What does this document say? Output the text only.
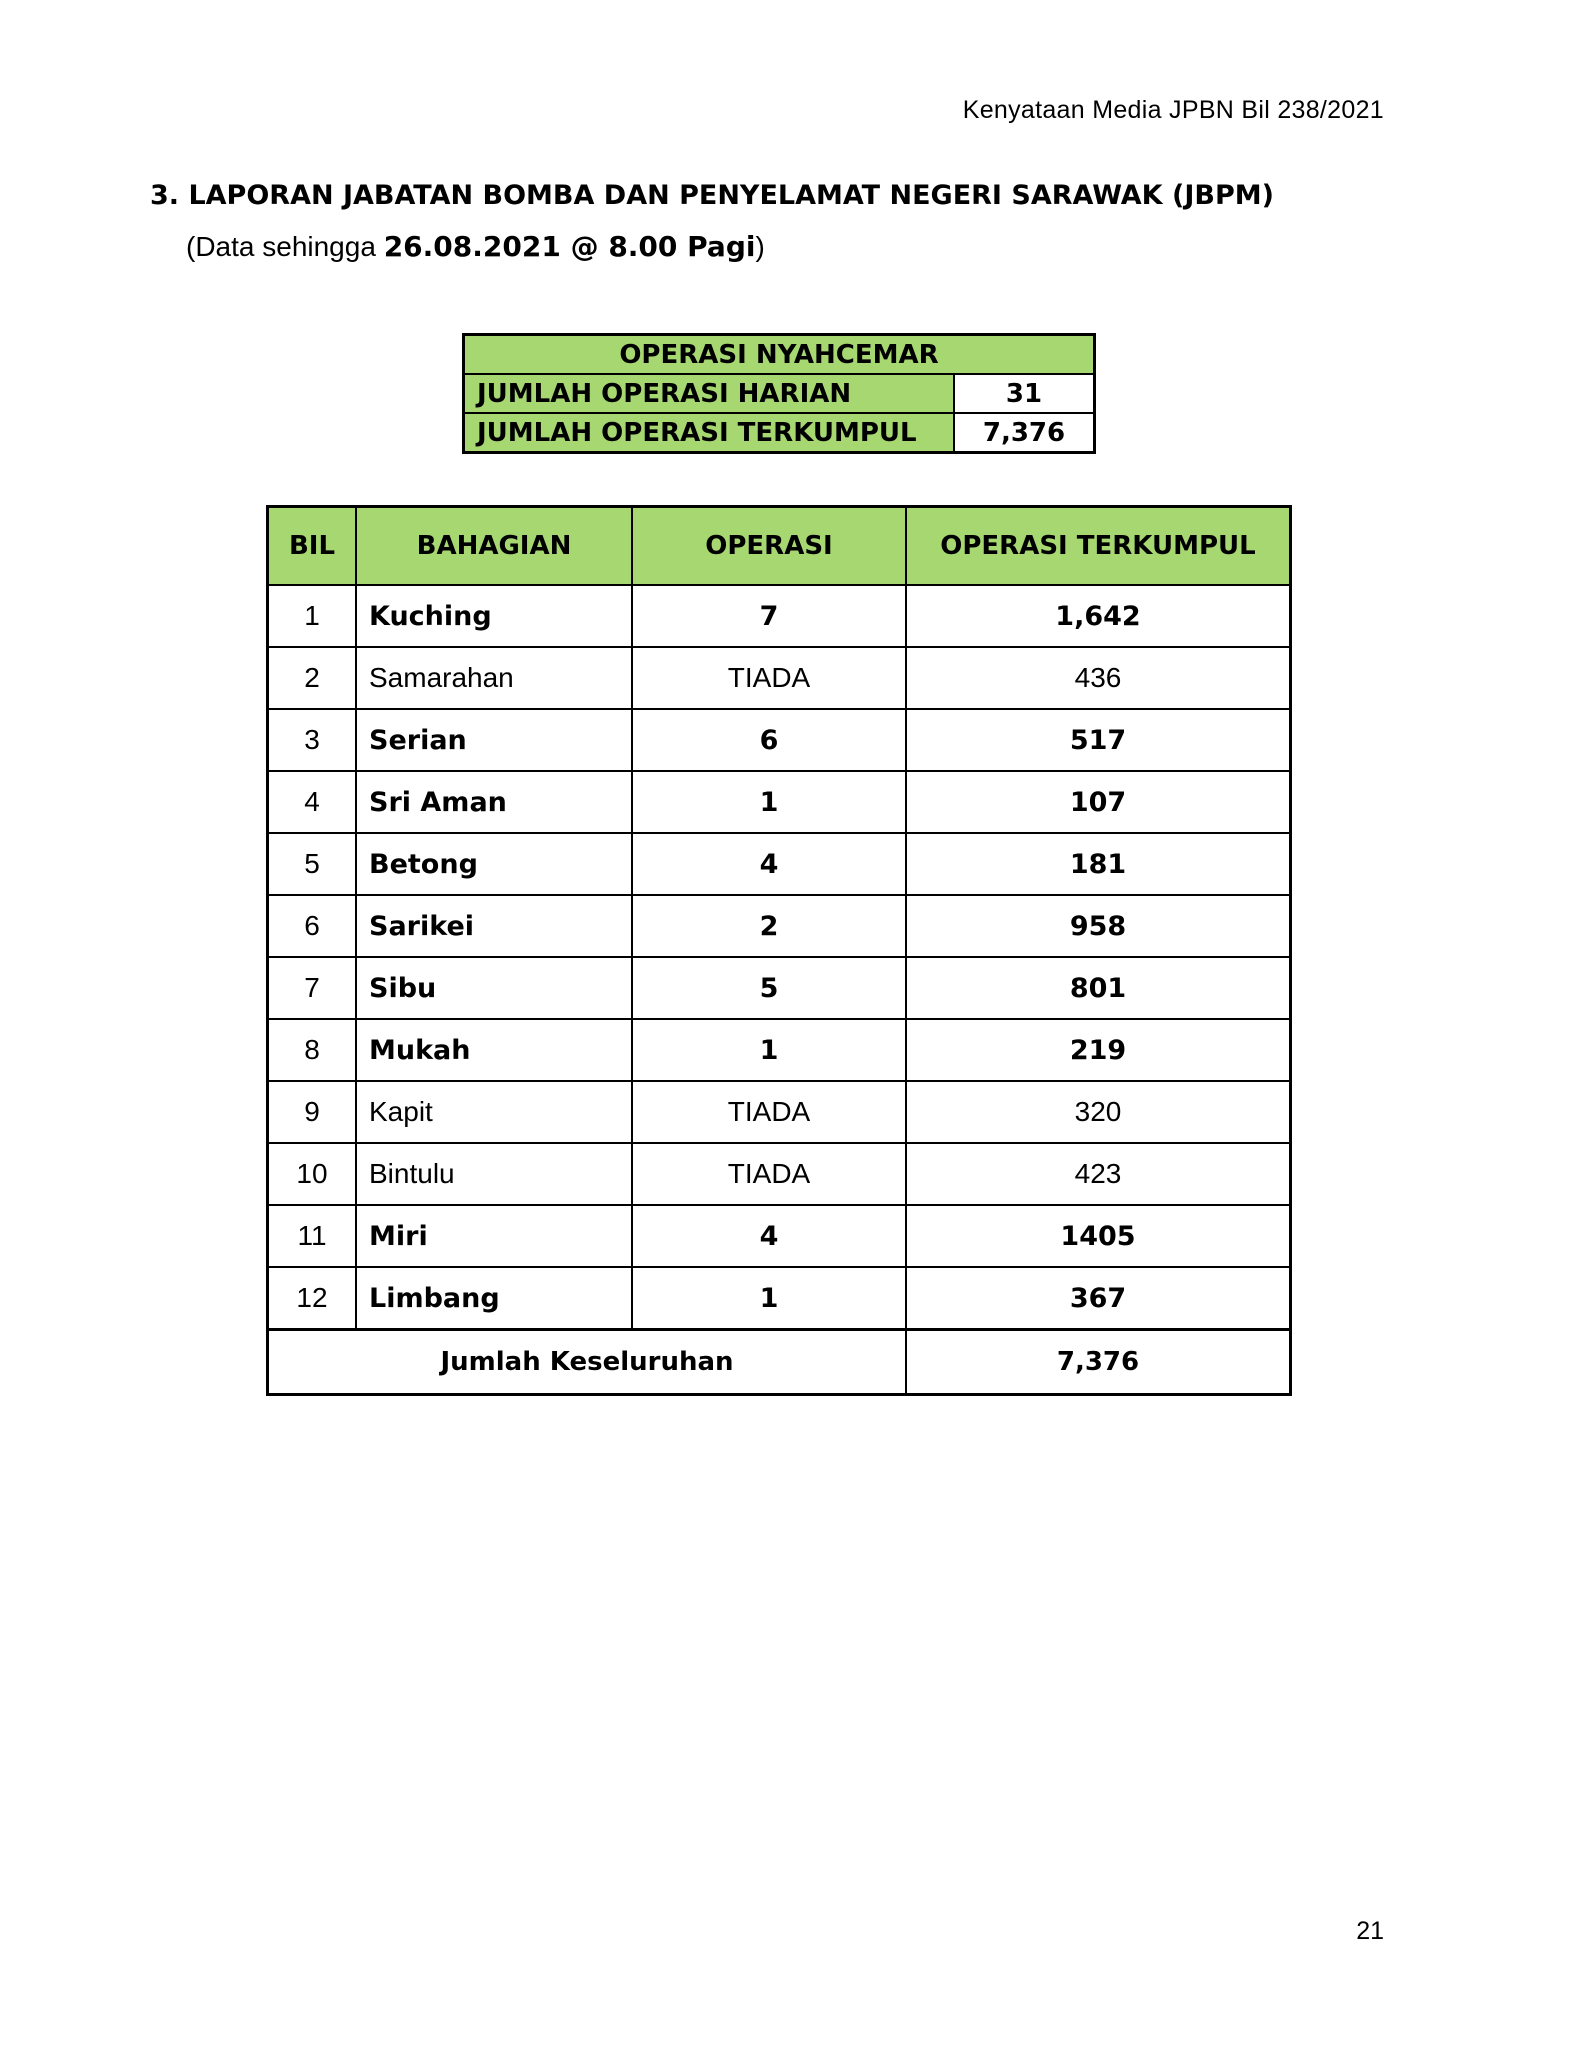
Kenyataan Media JPBN Bil 238/2021
3. LAPORAN JABATAN BOMBA DAN PENYELAMAT NEGERI SARAWAK (JBPM)
(Data sehingga 26.08.2021 @ 8.00 Pagi)
OPERASI NYAHCEMAR	
JUMLAH OPERASI HARIAN	31
JUMLAH OPERASI TERKUMPUL	7,376
BIL	BAHAGIAN	OPERASI	OPERASI TERKUMPUL
1	Kuching	7	1,642
2	Samarahan	TIADA	436
3	Serian	6	517
4	Sri Aman	1	107
5	Betong	4	181
6	Sarikei	2	958
7	Sibu	5	801
8	Mukah	1	219
9	Kapit	TIADA	320
10	Bintulu	TIADA	423
11	Miri	4	1405
12	Limbang	1	367
Jumlah Keseluruhan			7,376
21
